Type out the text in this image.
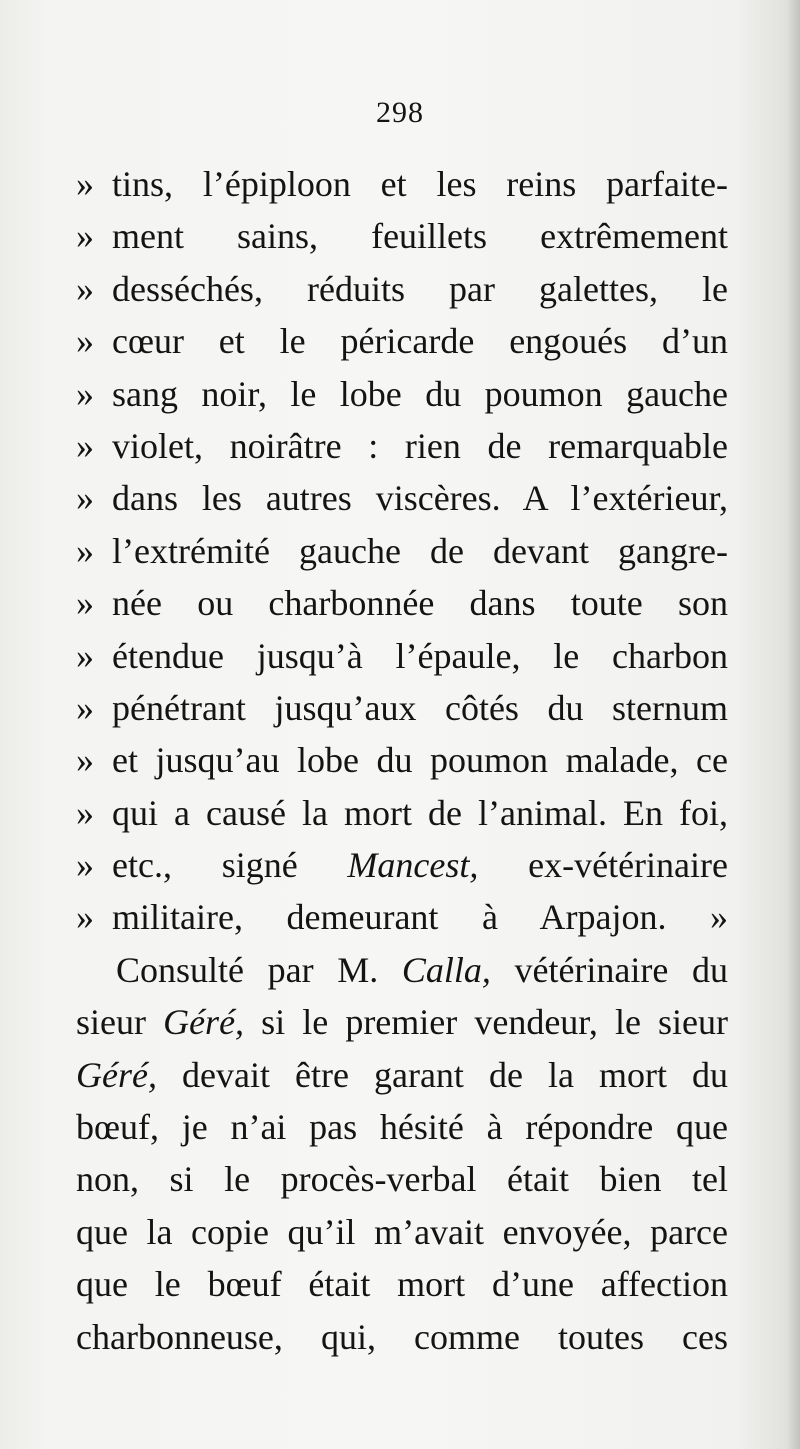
298
» tins, l’épiploon et les reins parfaite-
» ment sains, feuillets extrêmement
» desséchés, réduits par galettes, le
» cœur et le péricarde engoués d’un
» sang noir, le lobe du poumon gauche
» violet, noirâtre : rien de remarquable
» dans les autres viscères. A l’extérieur,
» l’extrémité gauche de devant gangre-
» née ou charbonnée dans toute son
» étendue jusqu’à l’épaule, le charbon
» pénétrant jusqu’aux côtés du sternum
» et jusqu’au lobe du poumon malade, ce
» qui a causé la mort de l’animal. En foi,
» etc., signé Mancest, ex-vétérinaire
» militaire, demeurant à Arpajon. »
Consulté par M. Calla, vétérinaire du
sieur Géré, si le premier vendeur, le sieur
Géré, devait être garant de la mort du
bœuf, je n’ai pas hésité à répondre que
non, si le procès-verbal était bien tel
que la copie qu’il m’avait envoyée, parce
que le bœuf était mort d’une affection
charbonneuse, qui, comme toutes ces
